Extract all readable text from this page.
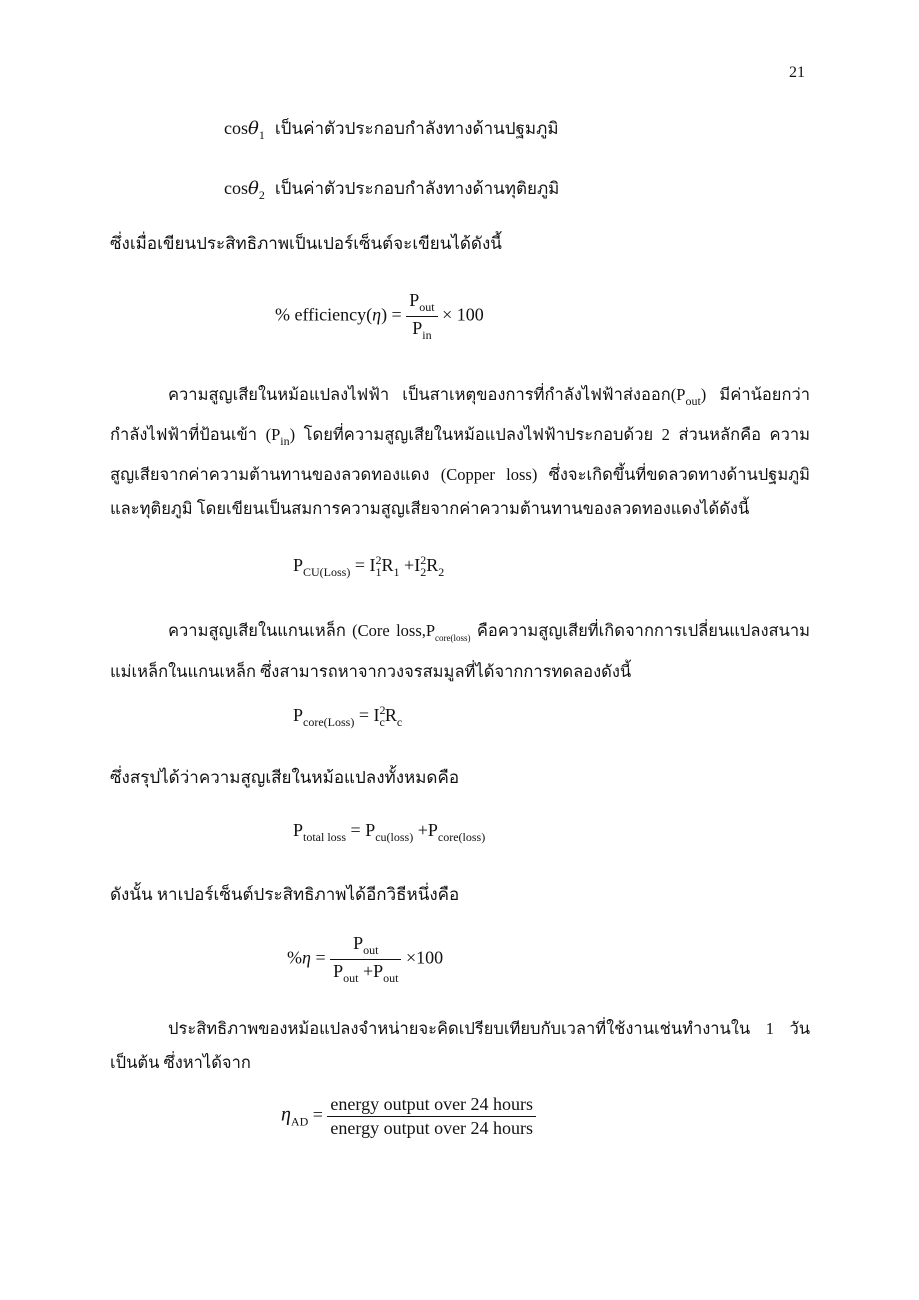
21
cosθ$_1$ เป็นค่าตัวประกอบกำลังทางด้านปฐมภูมิ
cosθ$_2$ เป็นค่าตัวประกอบกำลังทางด้านทุติยภูมิ
ซึ่งเมื่อเขียนประสิทธิภาพเป็นเปอร์เซ็นต์จะเขียนได้ดังนี้
% efficiency(η) = $\frac{P_{out}}{P_{in}} \times 100$

ความสูญเสียในหม้อแปลงไฟฟ้า เป็นสาเหตุของการที่กำลังไฟฟ้าส่งออก$(P_{out})$ มีค่าน้อยกว่ากำลังไฟฟ้าที่ป้อนเข้า $(P_{in})$ โดยที่ความสูญเสียในหม้อแปลงไฟฟ้าประกอบด้วย 2 ส่วนหลักคือ ความสูญเสียจากค่าความต้านทานของลวดทองแดง (Copper loss) ซึ่งจะเกิดขึ้นที่ขดลวดทางด้านปฐมภูมิและทุติยภูมิ โดยเขียนเป็นสมการความสูญเสียจากค่าความต้านทานของลวดทองแดงได้ดังนี้

$P_{CU(Loss)} = I^2_1R_1 +I^2_2R_2$

ความสูญเสียในแกนเหล็ก (Core $loss,P_{core(loss)}$ คือความสูญเสียที่เกิดจากการเปลี่ยนแปลงสนามแม่เหล็กในแกนเหล็ก ซึ่งสามารถหาจากวงจรสมมูลที่ได้จากการทดลองดังนี้

$P_{core(Loss)} = I^2_cR_c$
ซึ่งสรุปได้ว่าความสูญเสียในหม้อแปลงทั้งหมดคือ
$P_{total loss} = P_{cu(loss)} +P_{core(loss)}$
ดังนั้น หาเปอร์เซ็นต์ประสิทธิภาพได้อีกวิธีหนึ่งคือ
$\%\eta = \frac{P_{out}}{P_{out} +P_{out}} \times 100$

ประสิทธิภาพของหม้อแปลงจำหน่ายจะคิดเปรียบเทียบกับเวลาที่ใช้งานเช่นทำงานใน 1 วัน เป็นต้น ซึ่งหาได้จาก

$\eta_{AD} = \frac{\text{energy output over 24 hours}}{\text{energy output over 24 hours}}$
